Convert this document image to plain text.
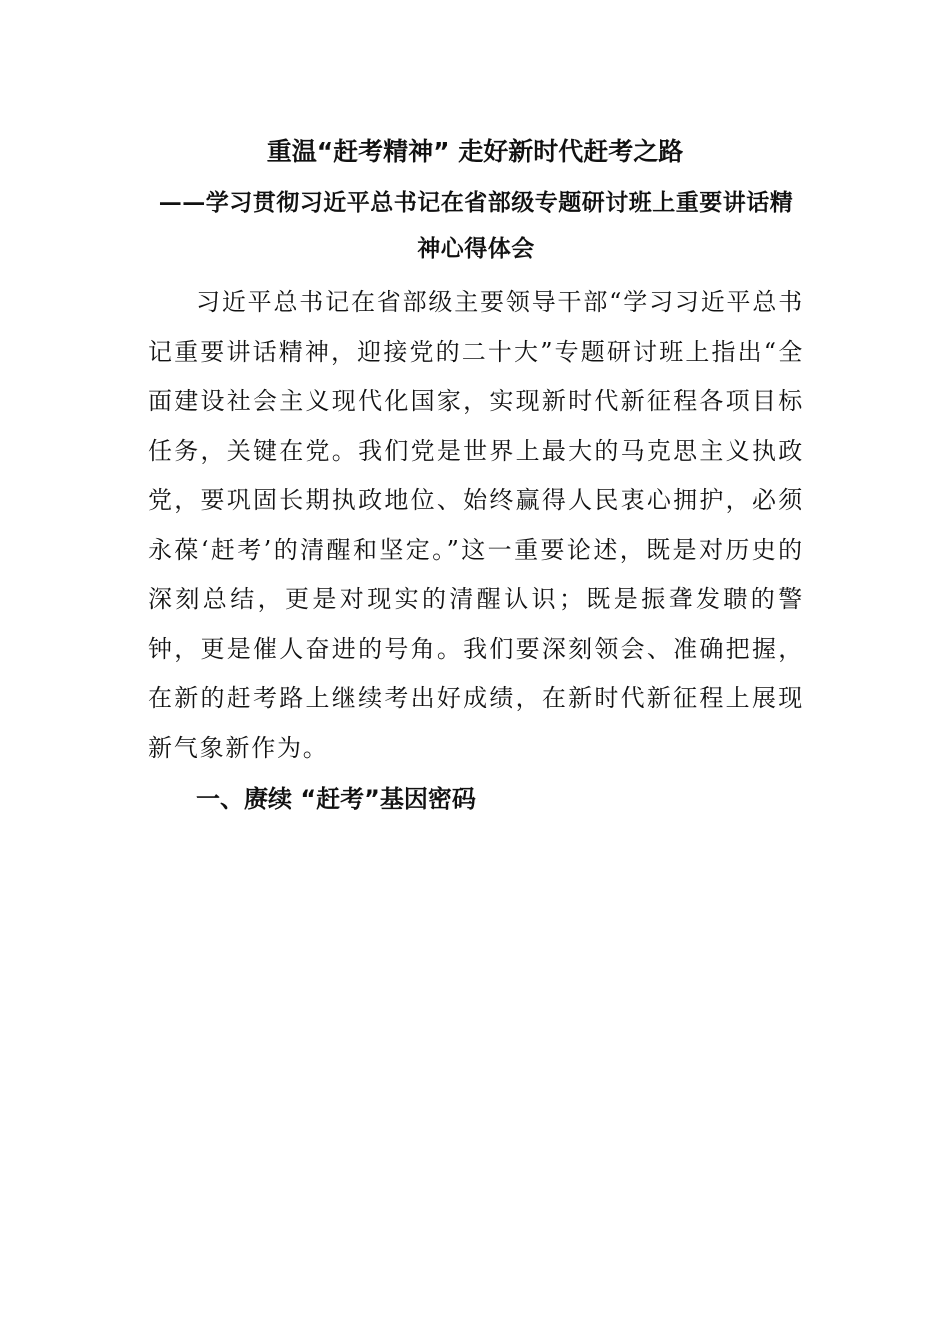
重温“赶考精神” 走好新时代赶考之路
——学习贯彻习近平总书记在省部级专题研讨班上重要讲话精神心得体会

习近平总书记在省部级主要领导干部“学习习近平总书记重要讲话精神，迎接党的二十大”专题研讨班上指出“全面建设社会主义现代化国家，实现新时代新征程各项目标任务，关键在党。我们党是世界上最大的马克思主义执政党，要巩固长期执政地位、始终赢得人民衷心拥护，必须永葆‘赶考’的清醒和坚定。”这一重要论述，既是对历史的深刻总结，更是对现实的清醒认识；既是振聋发聩的警钟，更是催人奋进的号角。我们要深刻领会、准确把握，在新的赶考路上继续考出好成绩，在新时代新征程上展现新气象新作为。

一、赓续 “赶考”基因密码
